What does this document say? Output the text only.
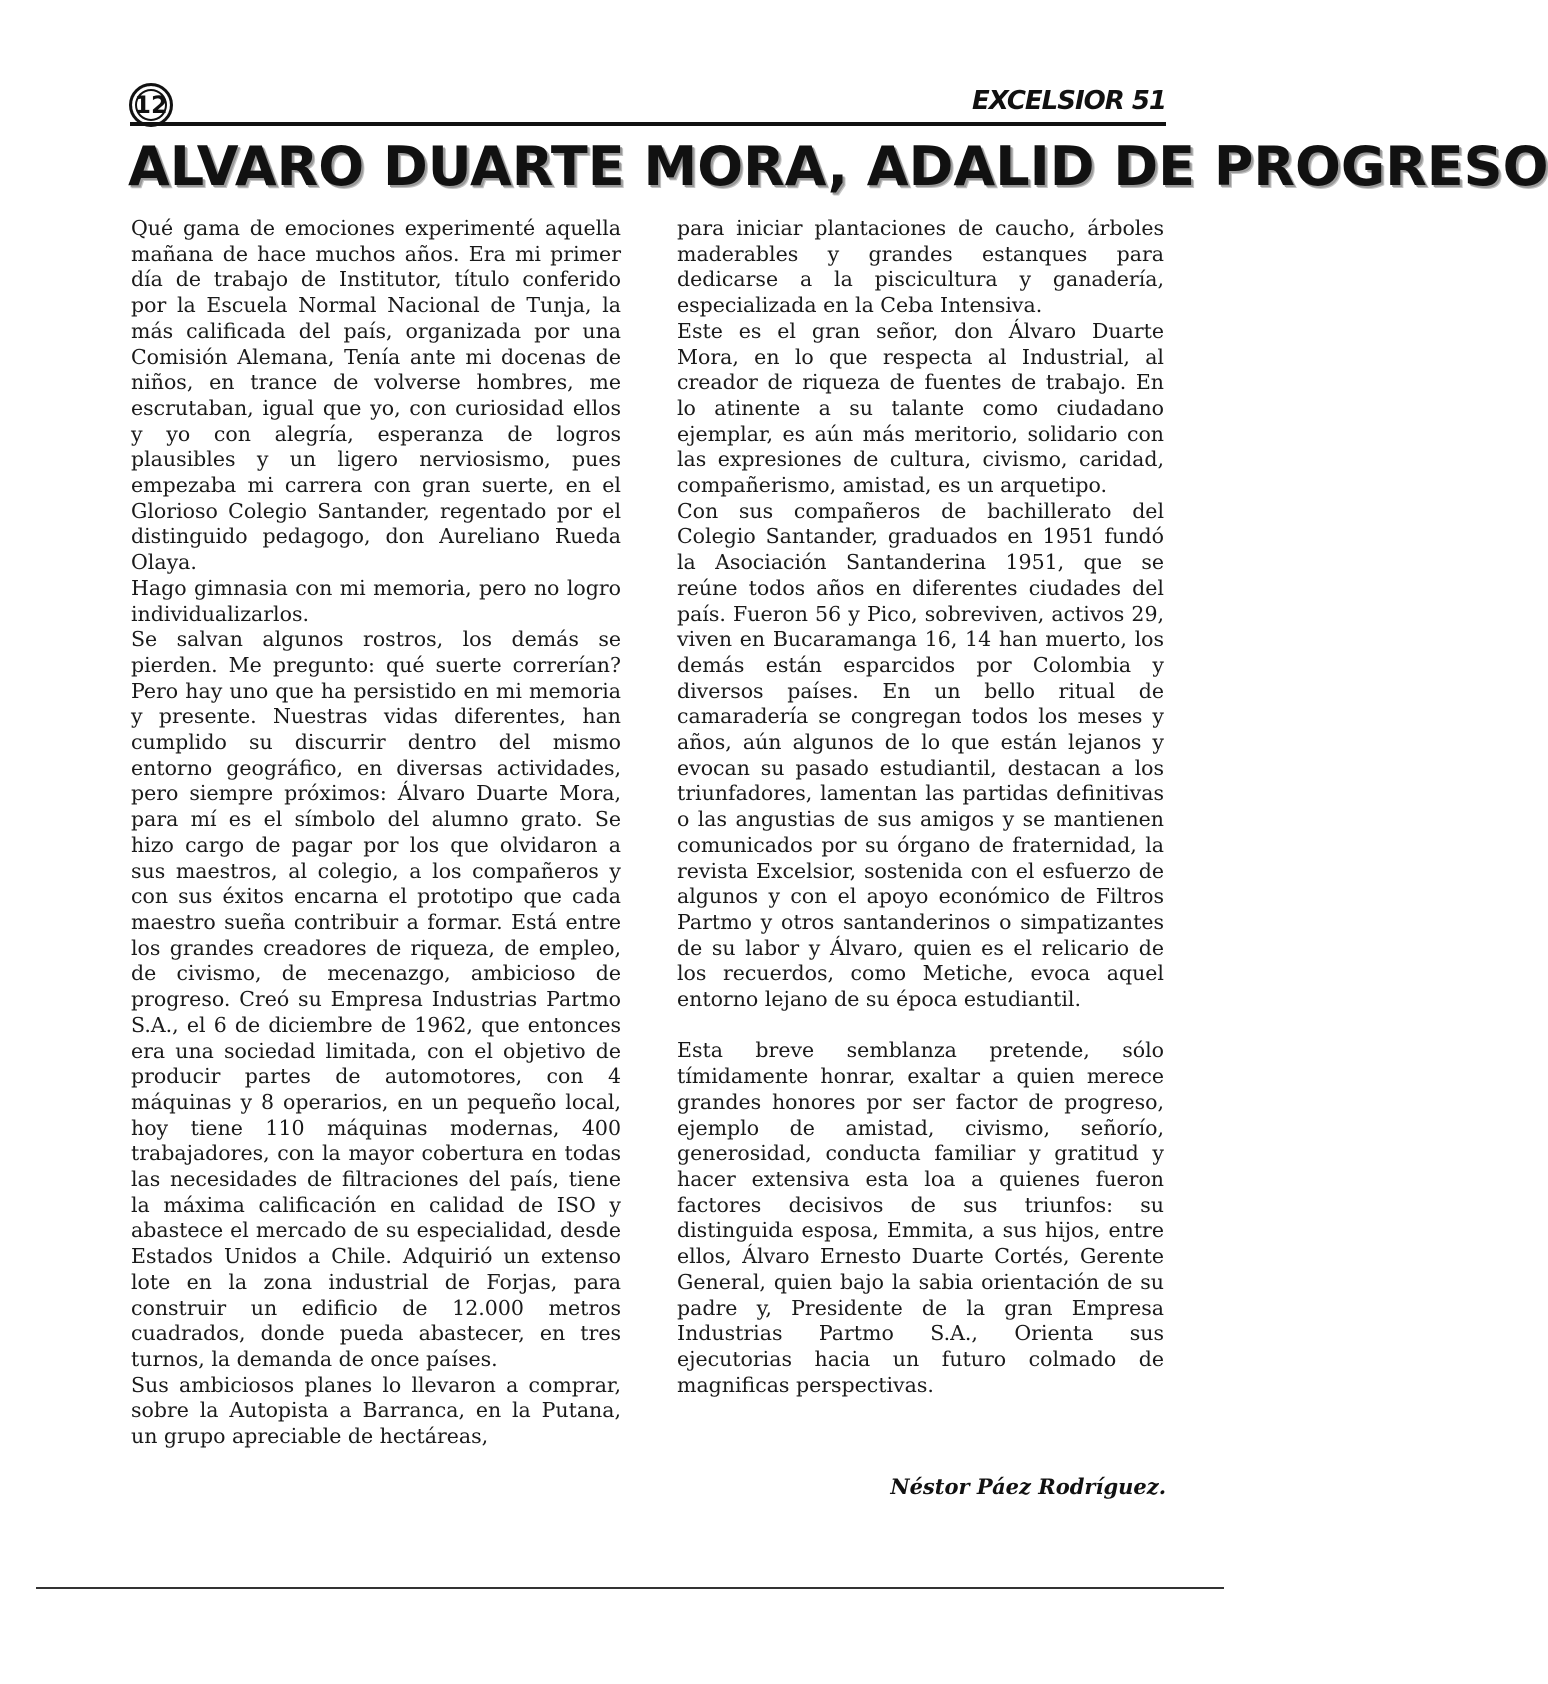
12	EXCELSIOR 51
ALVARO DUARTE MORA, ADALID DE PROGRESO

Qué gama de emociones experimenté aquella mañana de hace muchos años. Era mi primer día de trabajo de Institutor, título conferido por la Escuela Normal Nacional de Tunja, la más calificada del país, organizada por una Comisión Alemana, Tenía ante mi docenas de niños, en trance de volverse hombres, me escrutaban, igual que yo, con curiosidad ellos y yo con alegría, esperanza de logros plausibles y un ligero nerviosismo, pues empezaba mi carrera con gran suerte, en el Glorioso Colegio Santander, regentado por el distinguido pedagogo, don Aureliano Rueda Olaya.

Hago gimnasia con mi memoria, pero no logro individualizarlos.

Se salvan algunos rostros, los demás se pierden. Me pregunto: qué suerte correrían? Pero hay uno que ha persistido en mi memoria y presente. Nuestras vidas diferentes, han cumplido su discurrir dentro del mismo entorno geográfico, en diversas actividades, pero siempre próximos: Álvaro Duarte Mora, para mí es el símbolo del alumno grato. Se hizo cargo de pagar por los que olvidaron a sus maestros, al colegio, a los compañeros y con sus éxitos encarna el prototipo que cada maestro sueña contribuir a formar. Está entre los grandes creadores de riqueza, de empleo, de civismo, de mecenazgo, ambicioso de progreso. Creó su Empresa Industrias Partmo S.A., el 6 de diciembre de 1962, que entonces era una sociedad limitada, con el objetivo de producir partes de automotores, con 4 máquinas y 8 operarios, en un pequeño local, hoy tiene 110 máquinas modernas, 400 trabajadores, con la mayor cobertura en todas las necesidades de filtraciones del país, tiene la máxima calificación en calidad de ISO y abastece el mercado de su especialidad, desde Estados Unidos a Chile. Adquirió un extenso lote en la zona industrial de Forjas, para construir un edificio de 12.000 metros cuadrados, donde pueda abastecer, en tres turnos, la demanda de once países.

Sus ambiciosos planes lo llevaron a comprar, sobre la Autopista a Barranca, en la Putana, un grupo apreciable de hectáreas,

para iniciar plantaciones de caucho, árboles maderables y grandes estanques para dedicarse a la piscicultura y ganadería, especializada en la Ceba Intensiva.

Este es el gran señor, don Álvaro Duarte Mora, en lo que respecta al Industrial, al creador de riqueza de fuentes de trabajo. En lo atinente a su talante como ciudadano ejemplar, es aún más meritorio, solidario con las expresiones de cultura, civismo, caridad, compañerismo, amistad, es un arquetipo.

Con sus compañeros de bachillerato del Colegio Santander, graduados en 1951 fundó la Asociación Santanderina 1951, que se reúne todos años en diferentes ciudades del país. Fueron 56 y Pico, sobreviven, activos 29, viven en Bucaramanga 16, 14 han muerto, los demás están esparcidos por Colombia y diversos países. En un bello ritual de camaradería se congregan todos los meses y años, aún algunos de lo que están lejanos y evocan su pasado estudiantil, destacan a los triunfadores, lamentan las partidas definitivas o las angustias de sus amigos y se mantienen comunicados por su órgano de fraternidad, la revista Excelsior, sostenida con el esfuerzo de algunos y con el apoyo económico de Filtros Partmo y otros santanderinos o simpatizantes de su labor y Álvaro, quien es el relicario de los recuerdos, como Metiche, evoca aquel entorno lejano de su época estudiantil.

Esta breve semblanza pretende, sólo tímidamente honrar, exaltar a quien merece grandes honores por ser factor de progreso, ejemplo de amistad, civismo, señorío, generosidad, conducta familiar y gratitud y hacer extensiva esta loa a quienes fueron factores decisivos de sus triunfos: su distinguida esposa, Emmita, a sus hijos, entre ellos, Álvaro Ernesto Duarte Cortés, Gerente General, quien bajo la sabia orientación de su padre y, Presidente de la gran Empresa Industrias Partmo S.A., Orienta sus ejecutorias hacia un futuro colmado de magnificas perspectivas.

Néstor Páez Rodríguez.
